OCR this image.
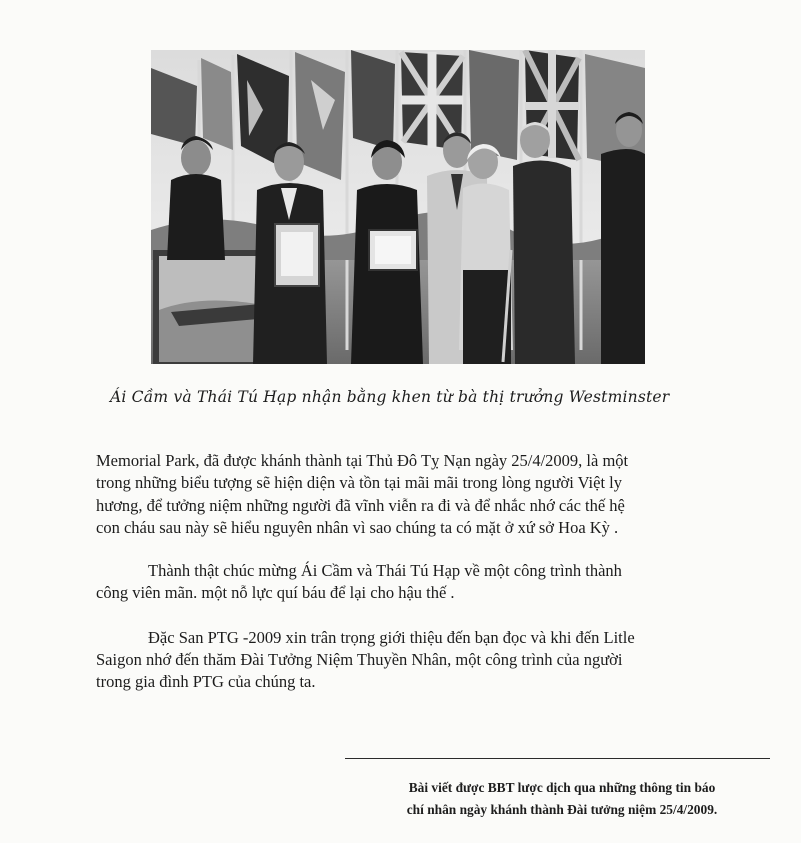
Ái Cầm và Thái Tú Hạp nhận bằng khen từ bà thị trưởng Westminster

Memorial Park, đã được khánh thành tại Thủ Đô Tỵ Nạn ngày 25/4/2009, là một
trong những biểu tượng sẽ hiện diện và tồn tại mãi mãi trong lòng người Việt ly
hương, để tưởng niệm những người đã vĩnh viễn ra đi và để nhắc nhớ các thế hệ
con cháu sau này sẽ hiểu nguyên nhân vì sao chúng ta có mặt ở xứ sở Hoa Kỳ .

Thành thật chúc mừng Ái Cầm và Thái Tú Hạp về một công trình thành
công viên mãn. một nỗ lực quí báu để lại cho hậu thế .

Đặc San PTG -2009 xin trân trọng giới thiệu đến bạn đọc và khi đến Litle
Saigon nhớ đến thăm Đài Tưởng Niệm Thuyền Nhân, một công trình của người
trong gia đình PTG của chúng ta.

Bài viết được BBT lược dịch qua những thông tin báo
chí nhân ngày khánh thành Đài tưởng niệm 25/4/2009.
